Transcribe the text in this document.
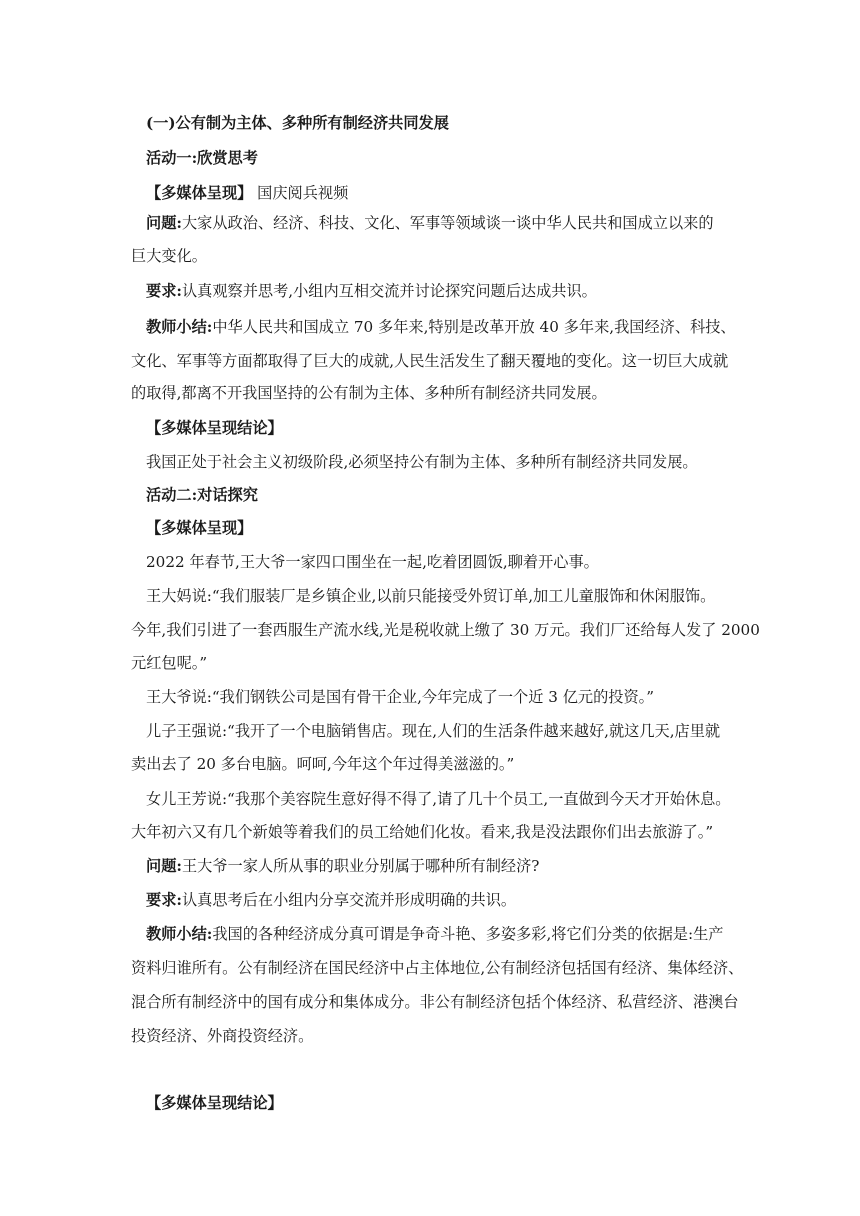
(一)公有制为主体、多种所有制经济共同发展
活动一:欣赏思考
【多媒体呈现】 国庆阅兵视频
问题:大家从政治、经济、科技、文化、军事等领域谈一谈中华人民共和国成立以来的
巨大变化。
要求:认真观察并思考,小组内互相交流并讨论探究问题后达成共识。
教师小结:中华人民共和国成立 70 多年来,特别是改革开放 40 多年来,我国经济、科技、
文化、军事等方面都取得了巨大的成就,人民生活发生了翻天覆地的变化。这一切巨大成就
的取得,都离不开我国坚持的公有制为主体、多种所有制经济共同发展。
【多媒体呈现结论】
我国正处于社会主义初级阶段,必须坚持公有制为主体、多种所有制经济共同发展。
活动二:对话探究
【多媒体呈现】
2022 年春节,王大爷一家四口围坐在一起,吃着团圆饭,聊着开心事。
王大妈说:“我们服装厂是乡镇企业,以前只能接受外贸订单,加工儿童服饰和休闲服饰。
今年,我们引进了一套西服生产流水线,光是税收就上缴了 30 万元。我们厂还给每人发了 2000
元红包呢。”
王大爷说:“我们钢铁公司是国有骨干企业,今年完成了一个近 3 亿元的投资。”
儿子王强说:“我开了一个电脑销售店。现在,人们的生活条件越来越好,就这几天,店里就
卖出去了 20 多台电脑。呵呵,今年这个年过得美滋滋的。”
女儿王芳说:“我那个美容院生意好得不得了,请了几十个员工,一直做到今天才开始休息。
大年初六又有几个新娘等着我们的员工给她们化妆。看来,我是没法跟你们出去旅游了。”
问题:王大爷一家人所从事的职业分别属于哪种所有制经济?
要求:认真思考后在小组内分享交流并形成明确的共识。
教师小结:我国的各种经济成分真可谓是争奇斗艳、多姿多彩,将它们分类的依据是:生产
资料归谁所有。公有制经济在国民经济中占主体地位,公有制经济包括国有经济、集体经济、
混合所有制经济中的国有成分和集体成分。非公有制经济包括个体经济、私营经济、港澳台
投资经济、外商投资经济。
【多媒体呈现结论】
